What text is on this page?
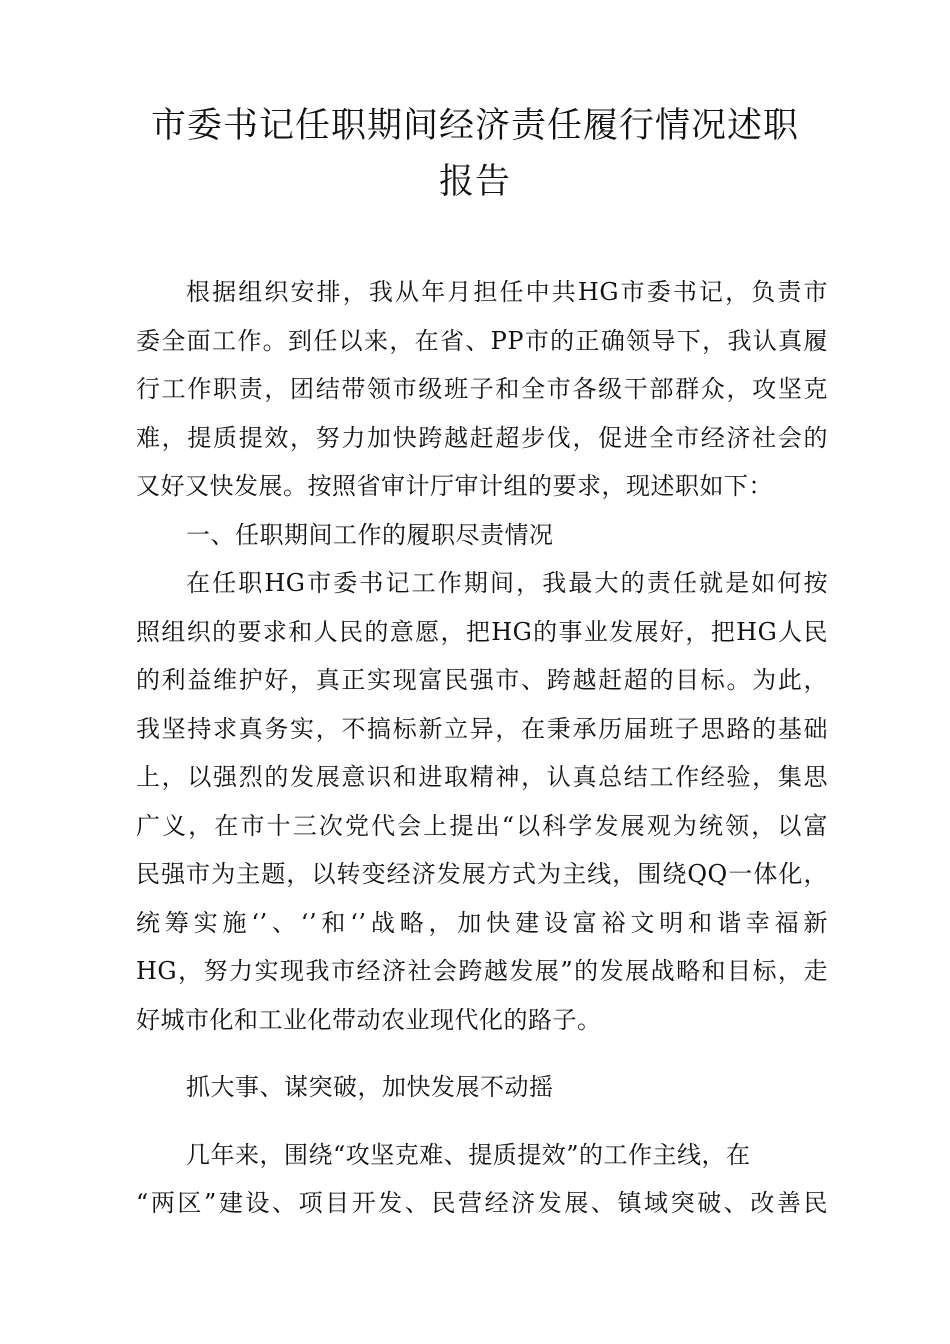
市委书记任职期间经济责任履行情况述职
报告
根据组织安排，我从年月担任中共HG市委书记，负责市
委全面工作。到任以来，在省、PP市的正确领导下，我认真履
行工作职责，团结带领市级班子和全市各级干部群众，攻坚克
难，提质提效，努力加快跨越赶超步伐，促进全市经济社会的
又好又快发展。按照省审计厅审计组的要求，现述职如下：
一、任职期间工作的履职尽责情况
在任职HG市委书记工作期间，我最大的责任就是如何按
照组织的要求和人民的意愿，把HG的事业发展好，把HG人民
的利益维护好，真正实现富民强市、跨越赶超的目标。为此，
我坚持求真务实，不搞标新立异，在秉承历届班子思路的基础
上，以强烈的发展意识和进取精神，认真总结工作经验，集思
广义，在市十三次党代会上提出“以科学发展观为统领，以富
民强市为主题，以转变经济发展方式为主线，围绕QQ一体化，
统筹实施‘’、‘’和‘’战略，加快建设富裕文明和谐幸福新
HG，努力实现我市经济社会跨越发展”的发展战略和目标，走
好城市化和工业化带动农业现代化的路子。
抓大事、谋突破，加快发展不动摇
几年来，围绕“攻坚克难、提质提效”的工作主线，在
“两区”建设、项目开发、民营经济发展、镇域突破、改善民
